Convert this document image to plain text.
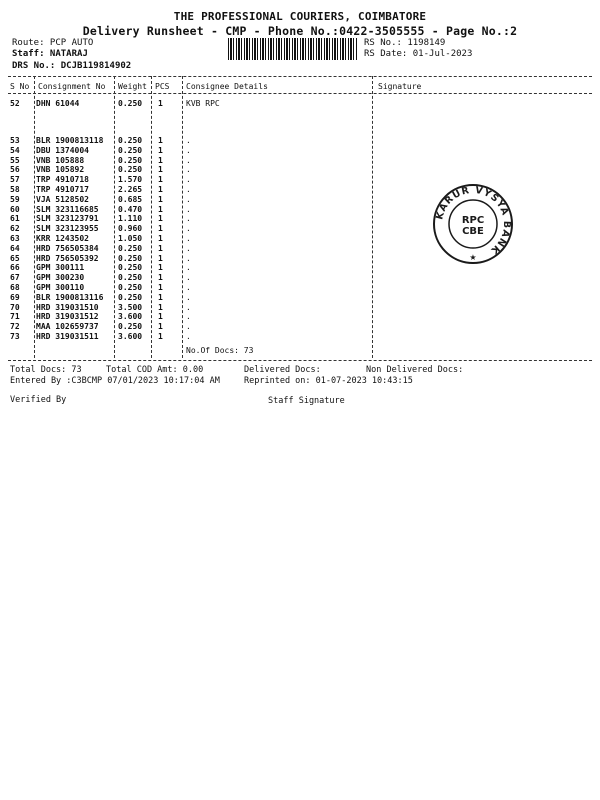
THE PROFESSIONAL COURIERS, COIMBATORE
Delivery Runsheet - CMP - Phone No.:0422-3505555 - Page No.:2
Route: PCP AUTO
Staff: NATARAJ
DRS No.: DCJB119814902
RS No.: 1198149
RS Date: 01-Jul-2023
S No Consignment No Weight PCS Consignee Details	Signature
52 DHN 61044	0.250 1	KVB RPC
53 BLR 1900813118 0.250 1	.
54 DBU 1374004	0.250 1	.
55 VNB 105888	0.250 1	.
56 VNB 105892	0.250 1	.
57 TRP 4910718	1.570 1	.
58 TRP 4910717	2.265 1	.
59 VJA 5128502	0.685 1	.
60 SLM 323116685 0.470 1	.
61 SLM 323123791 1.110 1	.
62 SLM 323123955 0.960 1	.
63 KRR 1243502	1.050 1	.
64 HRD 756505384 0.250 1	.
65 HRD 756505392 0.250 1	.
66 GPM 300111	0.250 1	.
67 GPM 300230	0.250 1	.
68 GPM 300110	0.250 1	.
69 BLR 1900813116 0.250 1	.
70 HRD 319031510 3.500 1	.
71 HRD 319031512 3.600 1	.
72 MAA 102659737 0.250 1	.
73 HRD 319031511 3.600 1	.
No.Of Docs: 73
KARUR VYSYA BANK
RPC
CBE
★
Total Docs: 73	Total COD Amt: 0.00	Delivered Docs:	Non Delivered Docs:
Entered By :C3BCMP 07/01/2023 10:17:04 AM	Reprinted on: 01-07-2023 10:43:15
Verified By	Staff Signature
